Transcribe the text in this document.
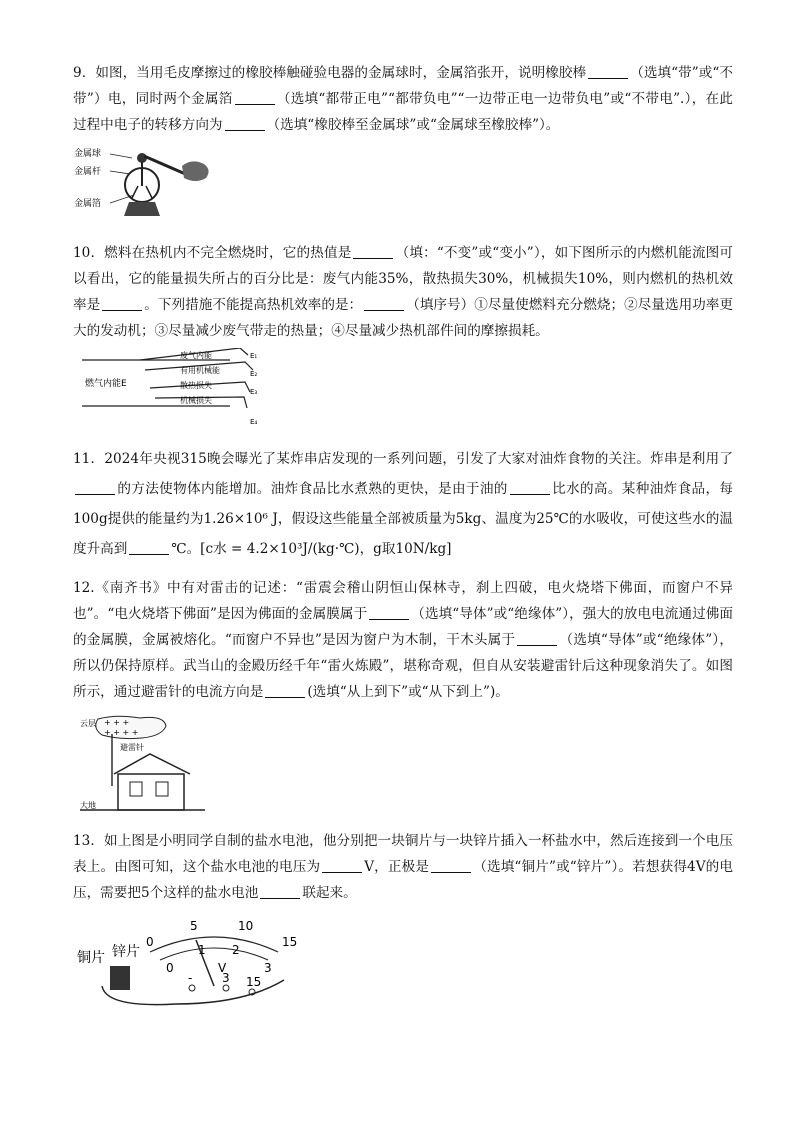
9．如图，当用毛皮摩擦过的橡胶棒触碰验电器的金属球时，金属箔张开，说明橡胶棒	（选填“带”或“不带”）电，同时两个金属箔	（选填“都带正电”“都带负电”“一边带正电一边带负电”或“不带电”.），在此过程中电子的转移方向为	（选填“橡胶棒至金属球”或“金属球至橡胶棒”）。
金属球
金属杆
金属箔
10．燃料在热机内不完全燃烧时，它的热值是	（填：“不变”或“变小”），如下图所示的内燃机能流图可以看出，它的能量损失所占的百分比是：废气内能35%，散热损失30%，机械损失10%，则内燃机的热机效率是	。下列措施不能提高热机效率的是：	（填序号）①尽量使燃料充分燃烧；②尽量选用功率更大的发动机；③尽量减少废气带走的热量；④尽量减少热机部件间的摩擦损耗。
燃气内能E
废气内能
有用机械能
散热损失
机械损失
E₁
E₂
E₃
E₄
11．2024年央视315晚会曝光了某炸串店发现的一系列问题，引发了大家对油炸食物的关注。炸串是利用了的方法使物体内能增加。油炸食品比水煮熟的更快，是由于油的	比水的高。某种油炸食品，每100g提供的能量约为1.26×10⁶ J，假设这些能量全部被质量为5kg、温度为25℃的水吸收，可使这些水的温度升高到	℃。[c水 = 4.2×10³J/(kg·℃)，g取10N/kg]
12.《南齐书》中有对雷击的记述：“雷震会稽山阴恒山保林寺，刹上四破，电火烧塔下佛面，而窗户不异也”。“电火烧塔下佛面”是因为佛面的金属膜属于	（选填“导体”或“绝缘体”），强大的放电电流通过佛面的金属膜，金属被熔化。“而窗户不异也”是因为窗户为木制，干木头属于	（选填“导体”或“绝缘体”），所以仍保持原样。武当山的金殿历经千年“雷火炼殿”，堪称奇观，但自从安装避雷针后这种现象消失了。如图所示，通过避雷针的电流方向是	(选填“从上到下”或“从下到上”)。
+ + +
+ + + +
云层
避雷针
大地
13．如上图是小明同学自制的盐水电池，他分别把一块铜片与一块锌片插入一杯盐水中，然后连接到一个电压表上。由图可知，这个盐水电池的电压为	V，正极是	（选填“铜片”或“锌片”）。若想获得4V的电压，需要把5个这样的盐水电池	联起来。
铜片 锌片
0
5	10
15
0
1 2
3
V
- 3 15
